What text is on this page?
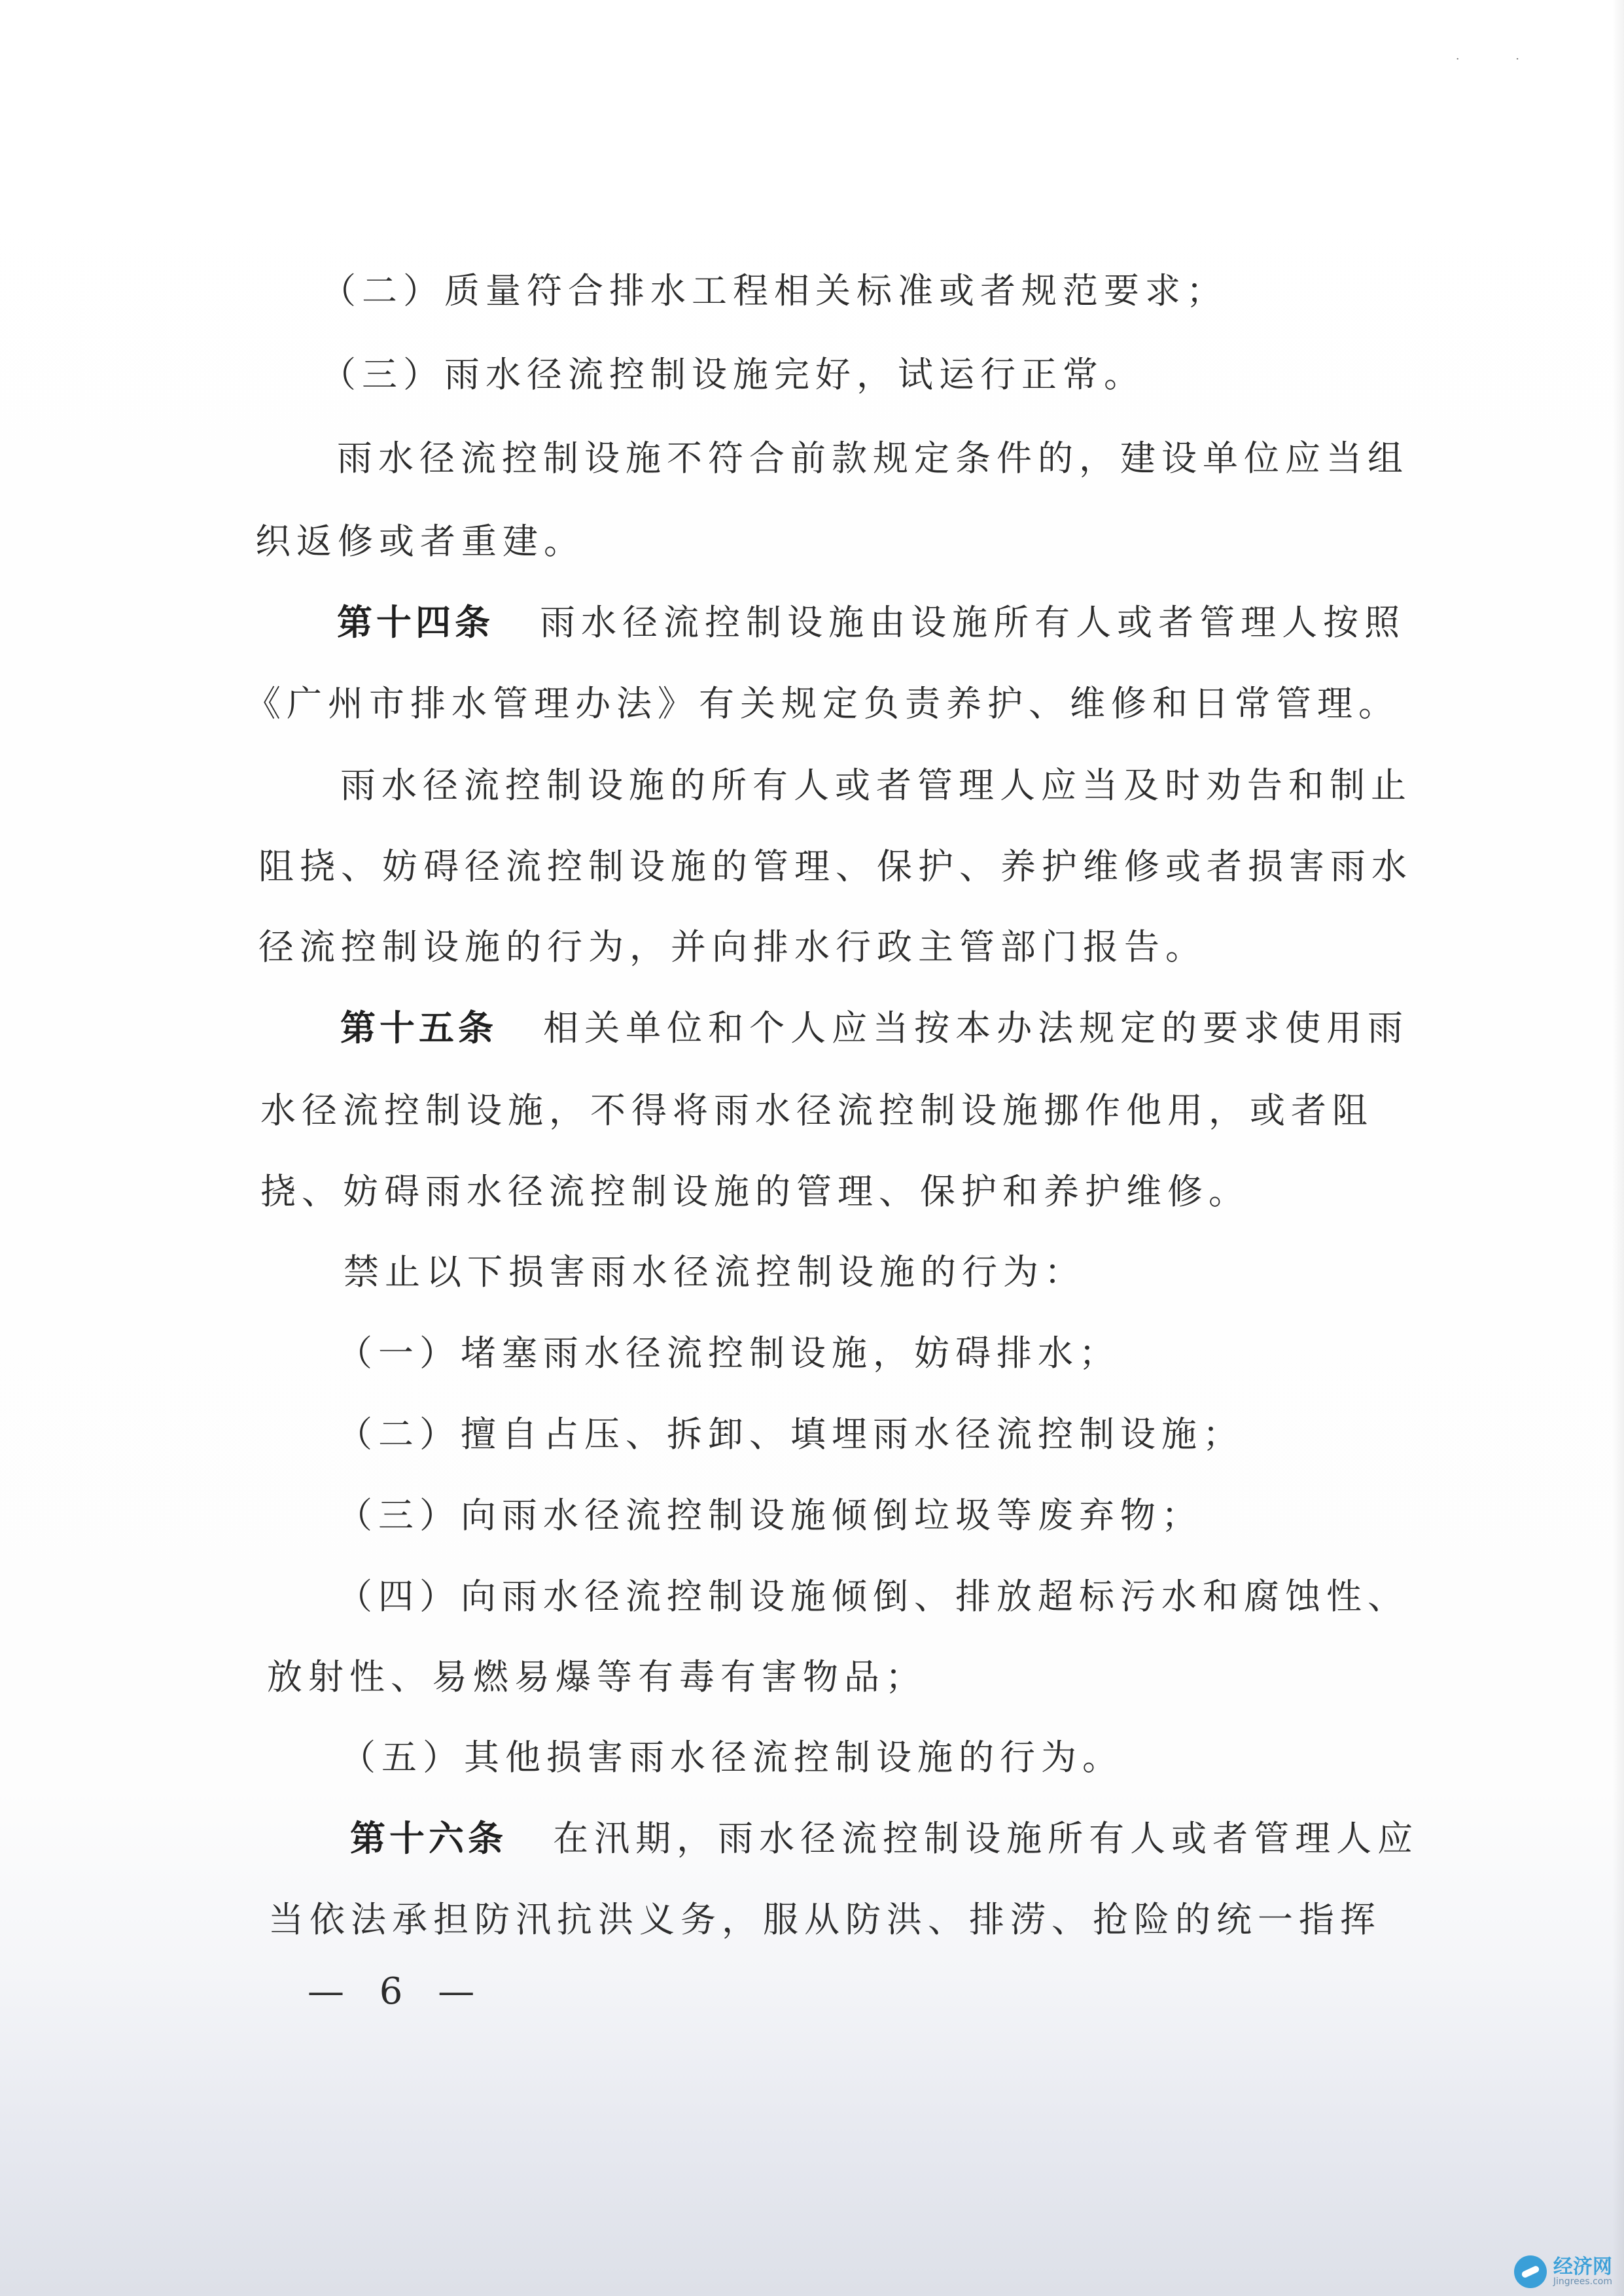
· ·
（二）质量符合排水工程相关标准或者规范要求；
（三）雨水径流控制设施完好，试运行正常。
雨水径流控制设施不符合前款规定条件的，建设单位应当组
织返修或者重建。
第十四条 雨水径流控制设施由设施所有人或者管理人按照
《广州市排水管理办法》有关规定负责养护、维修和日常管理。
雨水径流控制设施的所有人或者管理人应当及时劝告和制止
阻挠、妨碍径流控制设施的管理、保护、养护维修或者损害雨水
径流控制设施的行为，并向排水行政主管部门报告。
第十五条 相关单位和个人应当按本办法规定的要求使用雨
水径流控制设施，不得将雨水径流控制设施挪作他用，或者阻
挠、妨碍雨水径流控制设施的管理、保护和养护维修。
禁止以下损害雨水径流控制设施的行为：
（一）堵塞雨水径流控制设施，妨碍排水；
（二）擅自占压、拆卸、填埋雨水径流控制设施；
（三）向雨水径流控制设施倾倒垃圾等废弃物；
（四）向雨水径流控制设施倾倒、排放超标污水和腐蚀性、
放射性、易燃易爆等有毒有害物品；
（五）其他损害雨水径流控制设施的行为。
第十六条 在汛期，雨水径流控制设施所有人或者管理人应
当依法承担防汛抗洪义务，服从防洪、排涝、抢险的统一指挥
— 6 —
经济网
Jingrees.com
